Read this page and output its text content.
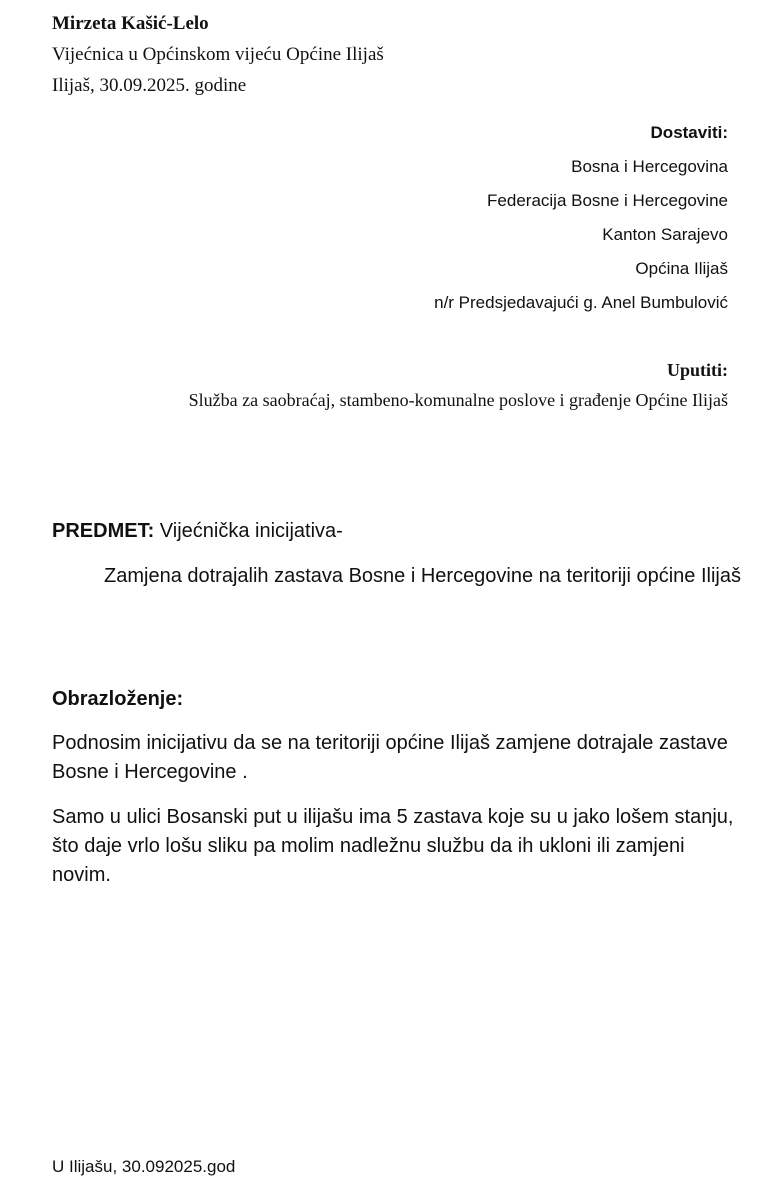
Mirzeta Kašić-Lelo
Vijećnica u Općinskom vijeću Općine Ilijaš
Ilijaš, 30.09.2025. godine
Dostaviti:
Bosna i Hercegovina
Federacija Bosne i Hercegovine
Kanton Sarajevo
Općina Ilijaš
n/r Predsjedavajući g. Anel Bumbulović
Uputiti:
Služba za saobraćaj, stambeno-komunalne poslove i građenje Općine Ilijaš
PREDMET: Vijećnička inicijativa-
Zamjena dotrajalih zastava Bosne i Hercegovine na teritoriji općine Ilijaš
Obrazloženje:

Podnosim inicijativu da se na teritoriji općine Ilijaš zamjene dotrajale zastave Bosne i Hercegovine .

Samo u ulici Bosanski put u ilijašu ima 5 zastava koje su u jako lošem stanju, što daje vrlo lošu sliku pa molim nadležnu službu da ih ukloni ili zamjeni novim.

U Ilijašu, 30.092025.god
